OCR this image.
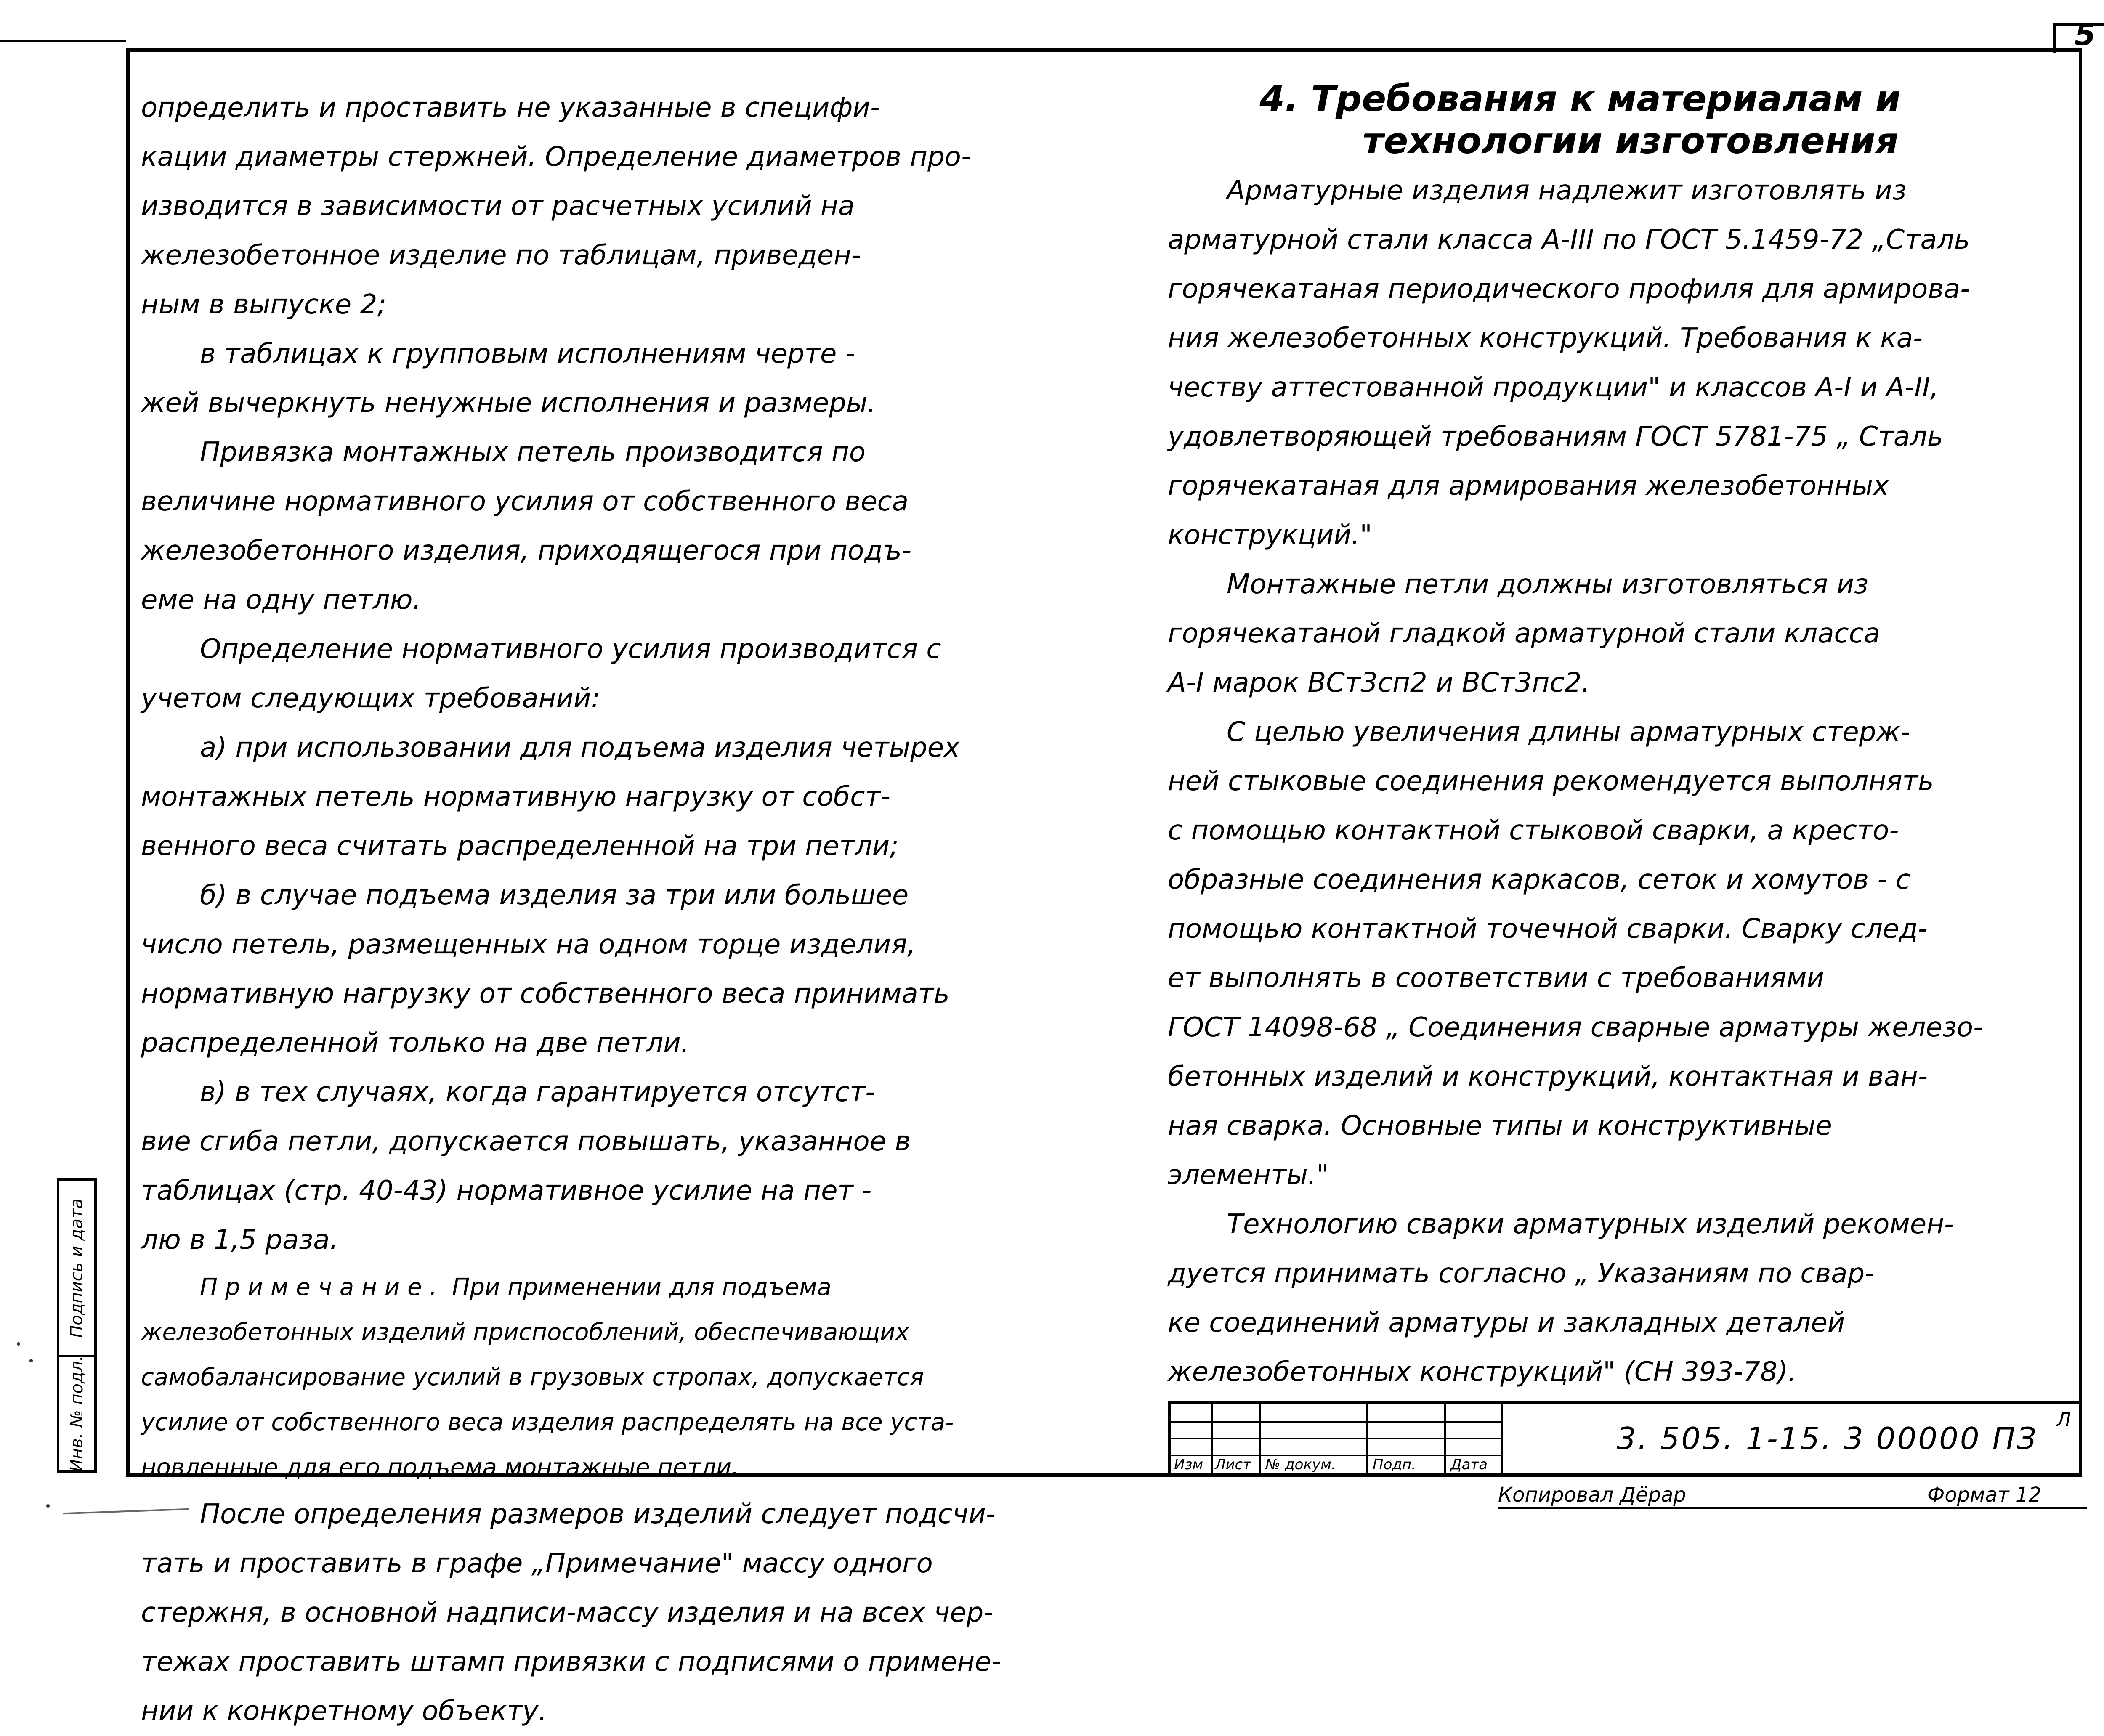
5

определить и проставить не указанные в специфи-
кации диаметры стержней. Определение диаметров про-
изводится в зависимости от расчетных усилий на
железобетонное изделие по таблицам, приведен-
ным в выпуске 2;

в таблицах к групповым исполнениям черте -
жей вычеркнуть ненужные исполнения и размеры.

Привязка монтажных петель производится по
величине нормативного усилия от собственного веса
железобетонного изделия, приходящегося при подъ-
еме на одну петлю.

Определение нормативного усилия производится с
учетом следующих требований:

а) при использовании для подъема изделия четырех
монтажных петель нормативную нагрузку от собст-
венного веса считать распределенной на три петли;

б) в случае подъема изделия за три или большее
число петель, размещенных на одном торце изделия,
нормативную нагрузку от собственного веса принимать
распределенной только на две петли.

в) в тех случаях, когда гарантируется отсутст-
вие сгиба петли, допускается повышать, указанное в
таблицах (стр. 40-43) нормативное усилие на пет -
лю в 1,5 раза.

Примечание. При применении для подъема
железобетонных изделий приспособлений, обеспечивающих
самобалансирование усилий в грузовых стропах, допускается
усилие от собственного веса изделия распределять на все уста-
новленные для его подъема монтажные петли.

После определения размеров изделий следует подсчи-
тать и проставить в графе „Примечание" массу одного
стержня, в основной надписи-массу изделия и на всех чер-
тежах проставить штамп привязки с подписями о примене-
нии к конкретному объекту.

4. Требования к материалам и
технологии изготовления

Арматурные изделия надлежит изготовлять из
арматурной стали класса А-III по ГОСТ 5.1459-72 „Сталь
горячекатаная периодического профиля для армирова-
ния железобетонных конструкций. Требования к ка-
честву аттестованной продукции" и классов А-I и А-II,
удовлетворяющей требованиям ГОСТ 5781-75 „ Сталь
горячекатаная для армирования железобетонных
конструкций."

Монтажные петли должны изготовляться из
горячекатаной гладкой арматурной стали класса
А-I марок ВСт3сп2 и ВСт3пс2.

С целью увеличения длины арматурных стерж-
ней стыковые соединения рекомендуется выполнять
с помощью контактной стыковой сварки, а кресто-
образные соединения каркасов, сеток и хомутов - с
помощью контактной точечной сварки. Сварку след-
ет выполнять в соответствии с требованиями
ГОСТ 14098-68 „ Соединения сварные арматуры железо-
бетонных изделий и конструкций, контактная и ван-
ная сварка. Основные типы и конструктивные
элементы."

Технологию сварки арматурных изделий рекомен-
дуется принимать согласно „ Указаниям по свар-
ке соединений арматуры и закладных деталей
железобетонных конструкций" (СН 393-78).

Подпись и дата
Инв. № подл.	Изм Лист № докум.	Подп. Дата
3. 505. 1-15. 3 00000 ПЗ
Л
Копировал Дёрар	Формат 12
